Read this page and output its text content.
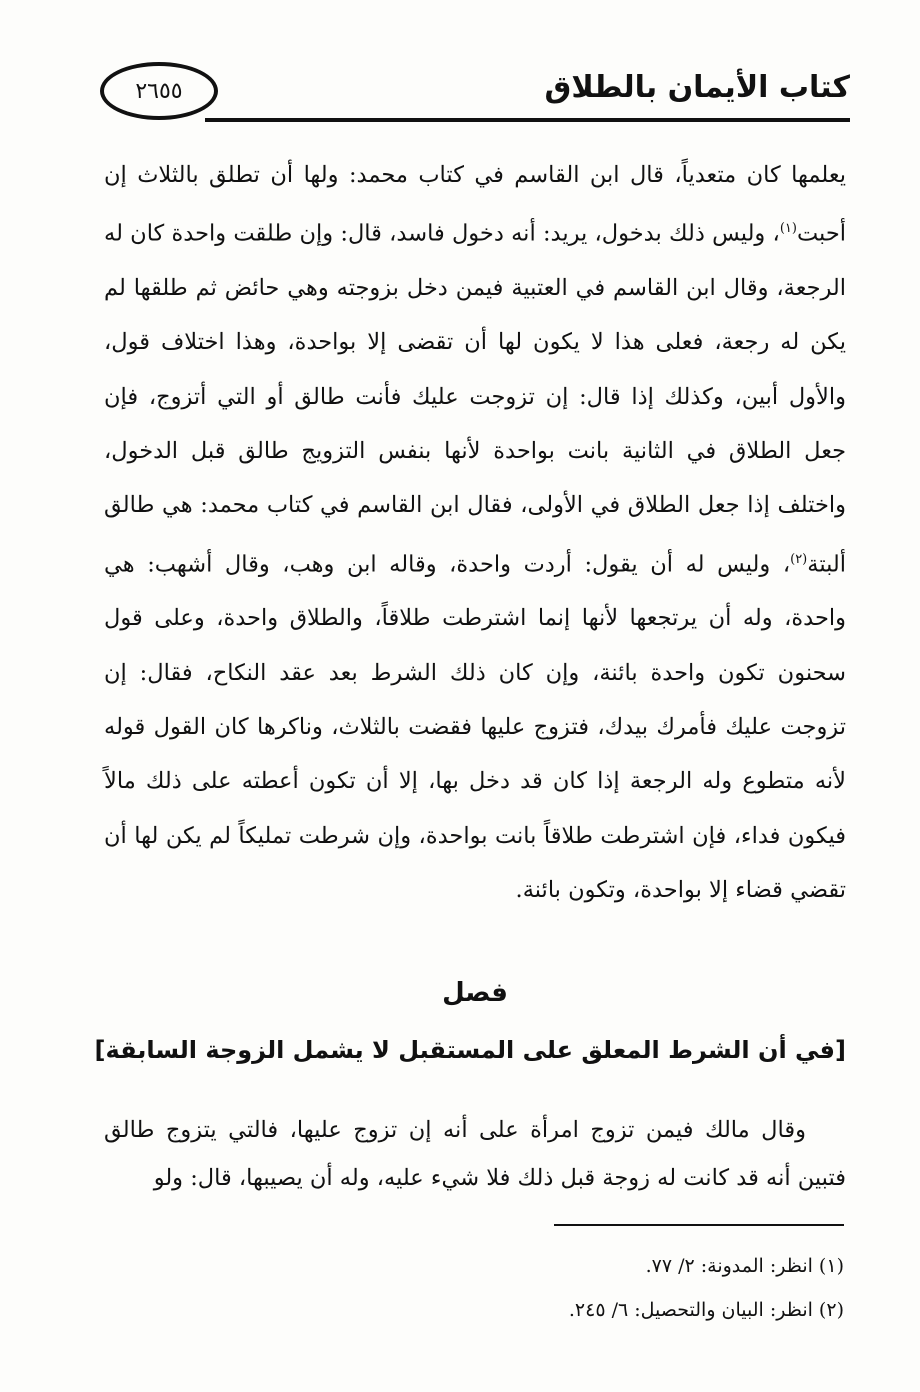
كتاب الأيمان بالطلاق
٢٦٥٥

يعلمها كان متعدياً، قال ابن القاسم في كتاب محمد: ولها أن تطلق بالثلاث إن أحبت$^{(١)}$، وليس ذلك بدخول، يريد: أنه دخول فاسد، قال: وإن طلقت واحدة كان له الرجعة، وقال ابن القاسم في العتبية فيمن دخل بزوجته وهي حائض ثم طلقها لم يكن له رجعة، فعلى هذا لا يكون لها أن تقضى إلا بواحدة، وهذا اختلاف قول، والأول أبين، وكذلك إذا قال: إن تزوجت عليك فأنت طالق أو التي أتزوج، فإن جعل الطلاق في الثانية بانت بواحدة لأنها بنفس التزويج طالق قبل الدخول، واختلف إذا جعل الطلاق في الأولى، فقال ابن القاسم في كتاب محمد: هي طالق ألبتة$^{(٢)}$، وليس له أن يقول: أردت واحدة، وقاله ابن وهب، وقال أشهب: هي واحدة، وله أن يرتجعها لأنها إنما اشترطت طلاقاً، والطلاق واحدة، وعلى قول سحنون تكون واحدة بائنة، وإن كان ذلك الشرط بعد عقد النكاح، فقال: إن تزوجت عليك فأمرك بيدك، فتزوج عليها فقضت بالثلاث، وناكرها كان القول قوله لأنه متطوع وله الرجعة إذا كان قد دخل بها، إلا أن تكون أعطته على ذلك مالاً فيكون فداء، فإن اشترطت طلاقاً بانت بواحدة، وإن شرطت تمليكاً لم يكن لها أن تقضي قضاء إلا بواحدة، وتكون بائنة.

فصل
[في أن الشرط المعلق على المستقبل لا يشمل الزوجة السابقة]

وقال مالك فيمن تزوج امرأة على أنه إن تزوج عليها، فالتي يتزوج طالق فتبين أنه قد كانت له زوجة قبل ذلك فلا شيء عليه، وله أن يصيبها، قال: ولو

(١) انظر: المدونة: ٢/ ٧٧.
(٢) انظر: البيان والتحصيل: ٦/ ٢٤٥.
